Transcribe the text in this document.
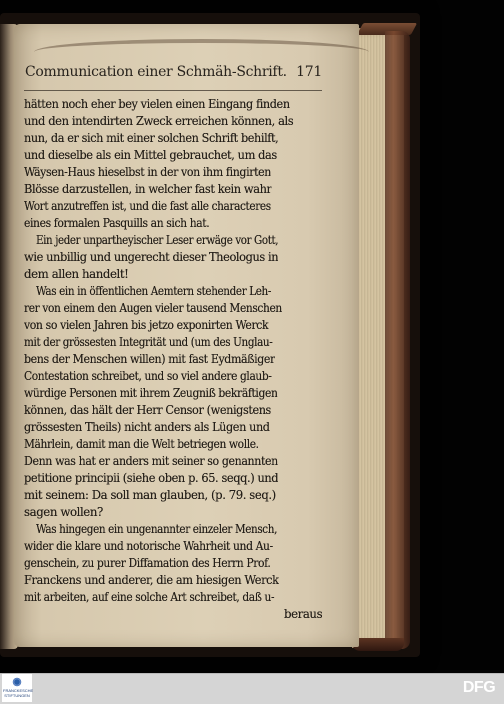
Communication einer Schmäh-Schrift. 171
hätten noch eher bey vielen einen Eingang finden
und den intendirten Zweck erreichen können, als
nun, da er sich mit einer solchen Schrift behilft,
und dieselbe als ein Mittel gebrauchet, um das
Wäysen-Haus hieselbst in der von ihm fingirten
Blösse darzustellen, in welcher fast kein wahr
Wort anzutreffen ist, und die fast alle characteres
eines formalen Pasquills an sich hat.
Ein jeder unpartheyischer Leser erwäge vor Gott,
wie unbillig und ungerecht dieser Theologus in
dem allen handelt!
Was ein in öffentlichen Aemtern stehender Leh-
rer von einem den Augen vieler tausend Menschen
von so vielen Jahren bis jetzo exponirten Werck
mit der grössesten Integrität und (um des Unglau-
bens der Menschen willen) mit fast Eydmäßiger
Contestation schreibet, und so viel andere glaub-
würdige Personen mit ihrem Zeugniß bekräftigen
können, das hält der Herr Censor (wenigstens
grössesten Theils) nicht anders als Lügen und
Mährlein, damit man die Welt betriegen wolle.
Denn was hat er anders mit seiner so genannten
petitione principii (siehe oben p. 65. seqq.) und
mit seinem: Da soll man glauben, (p. 79. seq.)
sagen wollen?
Was hingegen ein ungenannter einzeler Mensch,
wider die klare und notorische Wahrheit und Au-
genschein, zu purer Diffamation des Herrn Prof.
Franckens und anderer, die am hiesigen Werck
mit arbeiten, auf eine solche Art schreibet, daß u-
beraus
FRANCKESCHE
STIFTUNGEN	DFG
